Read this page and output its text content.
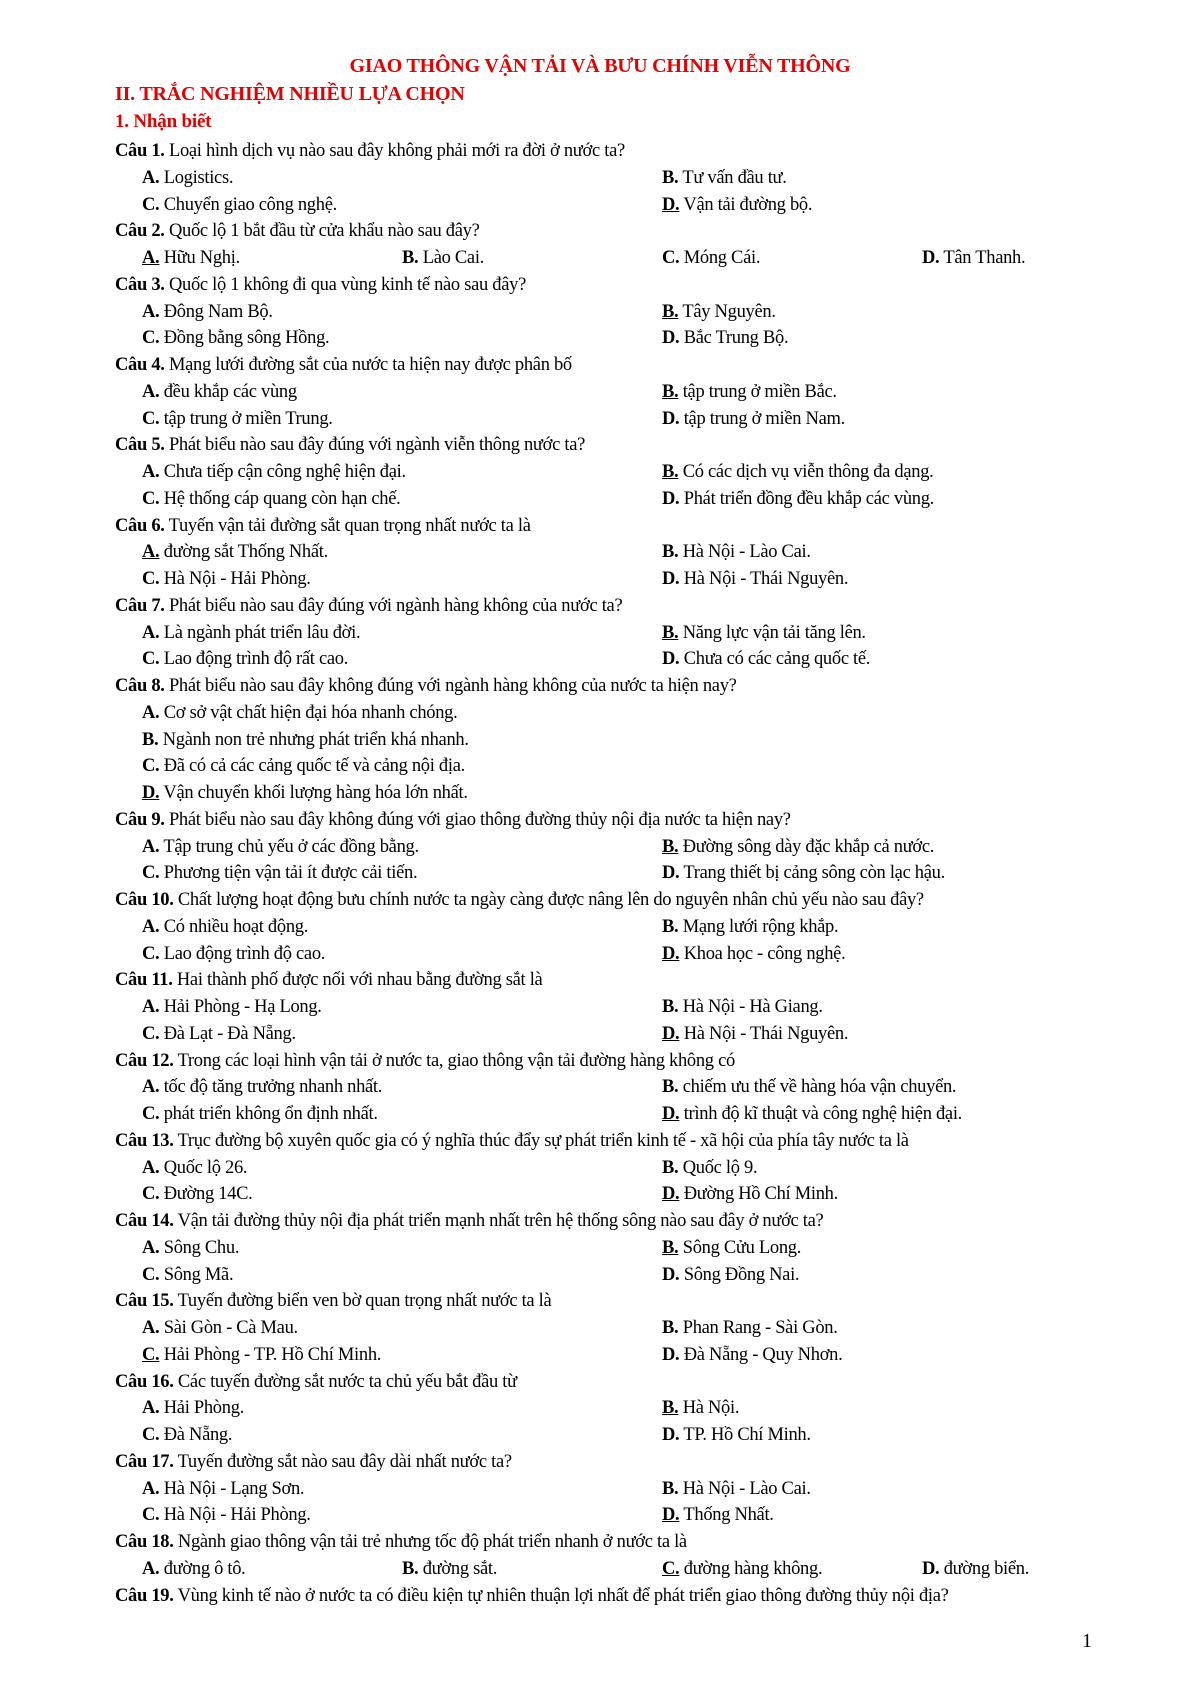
GIAO THÔNG VẬN TẢI VÀ BƯU CHÍNH VIỄN THÔNG
II. TRẮC NGHIỆM NHIỀU LỰA CHỌN
1. Nhận biết
Câu 1. Loại hình dịch vụ nào sau đây không phải mới ra đời ở nước ta?
A. Logistics.	B. Tư vấn đầu tư.
C. Chuyển giao công nghệ.	D. Vận tải đường bộ.
Câu 2. Quốc lộ 1 bắt đầu từ cửa khẩu nào sau đây?
A. Hữu Nghị.	B. Lào Cai.	C. Móng Cái.	D. Tân Thanh.
Câu 3. Quốc lộ 1 không đi qua vùng kinh tế nào sau đây?
A. Đông Nam Bộ.	B. Tây Nguyên.
C. Đồng bằng sông Hồng.	D. Bắc Trung Bộ.
Câu 4. Mạng lưới đường sắt của nước ta hiện nay được phân bố
A. đều khắp các vùng	B. tập trung ở miền Bắc.
C. tập trung ở miền Trung.	D. tập trung ở miền Nam.
Câu 5. Phát biểu nào sau đây đúng với ngành viễn thông nước ta?
A. Chưa tiếp cận công nghệ hiện đại.	B. Có các dịch vụ viễn thông đa dạng.
C. Hệ thống cáp quang còn hạn chế.	D. Phát triển đồng đều khắp các vùng.
Câu 6. Tuyến vận tải đường sắt quan trọng nhất nước ta là
A. đường sắt Thống Nhất.	B. Hà Nội - Lào Cai.
C. Hà Nội - Hải Phòng.	D. Hà Nội - Thái Nguyên.
Câu 7. Phát biểu nào sau đây đúng với ngành hàng không của nước ta?
A. Là ngành phát triển lâu đời.	B. Năng lực vận tải tăng lên.
C. Lao động trình độ rất cao.	D. Chưa có các cảng quốc tế.
Câu 8. Phát biểu nào sau đây không đúng với ngành hàng không của nước ta hiện nay?
A. Cơ sở vật chất hiện đại hóa nhanh chóng.
B. Ngành non trẻ nhưng phát triển khá nhanh.
C. Đã có cả các cảng quốc tế và cảng nội địa.
D. Vận chuyển khối lượng hàng hóa lớn nhất.
Câu 9. Phát biểu nào sau đây không đúng với giao thông đường thủy nội địa nước ta hiện nay?
A. Tập trung chủ yếu ở các đồng bằng.	B. Đường sông dày đặc khắp cả nước.
C. Phương tiện vận tải ít được cải tiến.	D. Trang thiết bị cảng sông còn lạc hậu.
Câu 10. Chất lượng hoạt động bưu chính nước ta ngày càng được nâng lên do nguyên nhân chủ yếu nào sau đây?
A. Có nhiều hoạt động.	B. Mạng lưới rộng khắp.
C. Lao động trình độ cao.	D. Khoa học - công nghệ.
Câu 11. Hai thành phố được nối với nhau bằng đường sắt là
A. Hải Phòng - Hạ Long.	B. Hà Nội - Hà Giang.
C. Đà Lạt - Đà Nẵng.	D. Hà Nội - Thái Nguyên.
Câu 12. Trong các loại hình vận tải ở nước ta, giao thông vận tải đường hàng không có
A. tốc độ tăng trưởng nhanh nhất.	B. chiếm ưu thế về hàng hóa vận chuyển.
C. phát triển không ổn định nhất.	D. trình độ kĩ thuật và công nghệ hiện đại.
Câu 13. Trục đường bộ xuyên quốc gia có ý nghĩa thúc đẩy sự phát triển kinh tế - xã hội của phía tây nước ta là
A. Quốc lộ 26.	B. Quốc lộ 9.
C. Đường 14C.	D. Đường Hồ Chí Minh.
Câu 14. Vận tải đường thủy nội địa phát triển mạnh nhất trên hệ thống sông nào sau đây ở nước ta?
A. Sông Chu.	B. Sông Cửu Long.
C. Sông Mã.	D. Sông Đồng Nai.
Câu 15. Tuyến đường biển ven bờ quan trọng nhất nước ta là
A. Sài Gòn - Cà Mau.	B. Phan Rang - Sài Gòn.
C. Hải Phòng - TP. Hồ Chí Minh.	D. Đà Nẵng - Quy Nhơn.
Câu 16. Các tuyến đường sắt nước ta chủ yếu bắt đầu từ
A. Hải Phòng.	B. Hà Nội.
C. Đà Nẵng.	D. TP. Hồ Chí Minh.
Câu 17. Tuyến đường sắt nào sau đây dài nhất nước ta?
A. Hà Nội - Lạng Sơn.	B. Hà Nội - Lào Cai.
C. Hà Nội - Hải Phòng.	D. Thống Nhất.
Câu 18. Ngành giao thông vận tải trẻ nhưng tốc độ phát triển nhanh ở nước ta là
A. đường ô tô.	B. đường sắt.	C. đường hàng không.	D. đường biển.
Câu 19. Vùng kinh tế nào ở nước ta có điều kiện tự nhiên thuận lợi nhất để phát triển giao thông đường thủy nội địa?
1
